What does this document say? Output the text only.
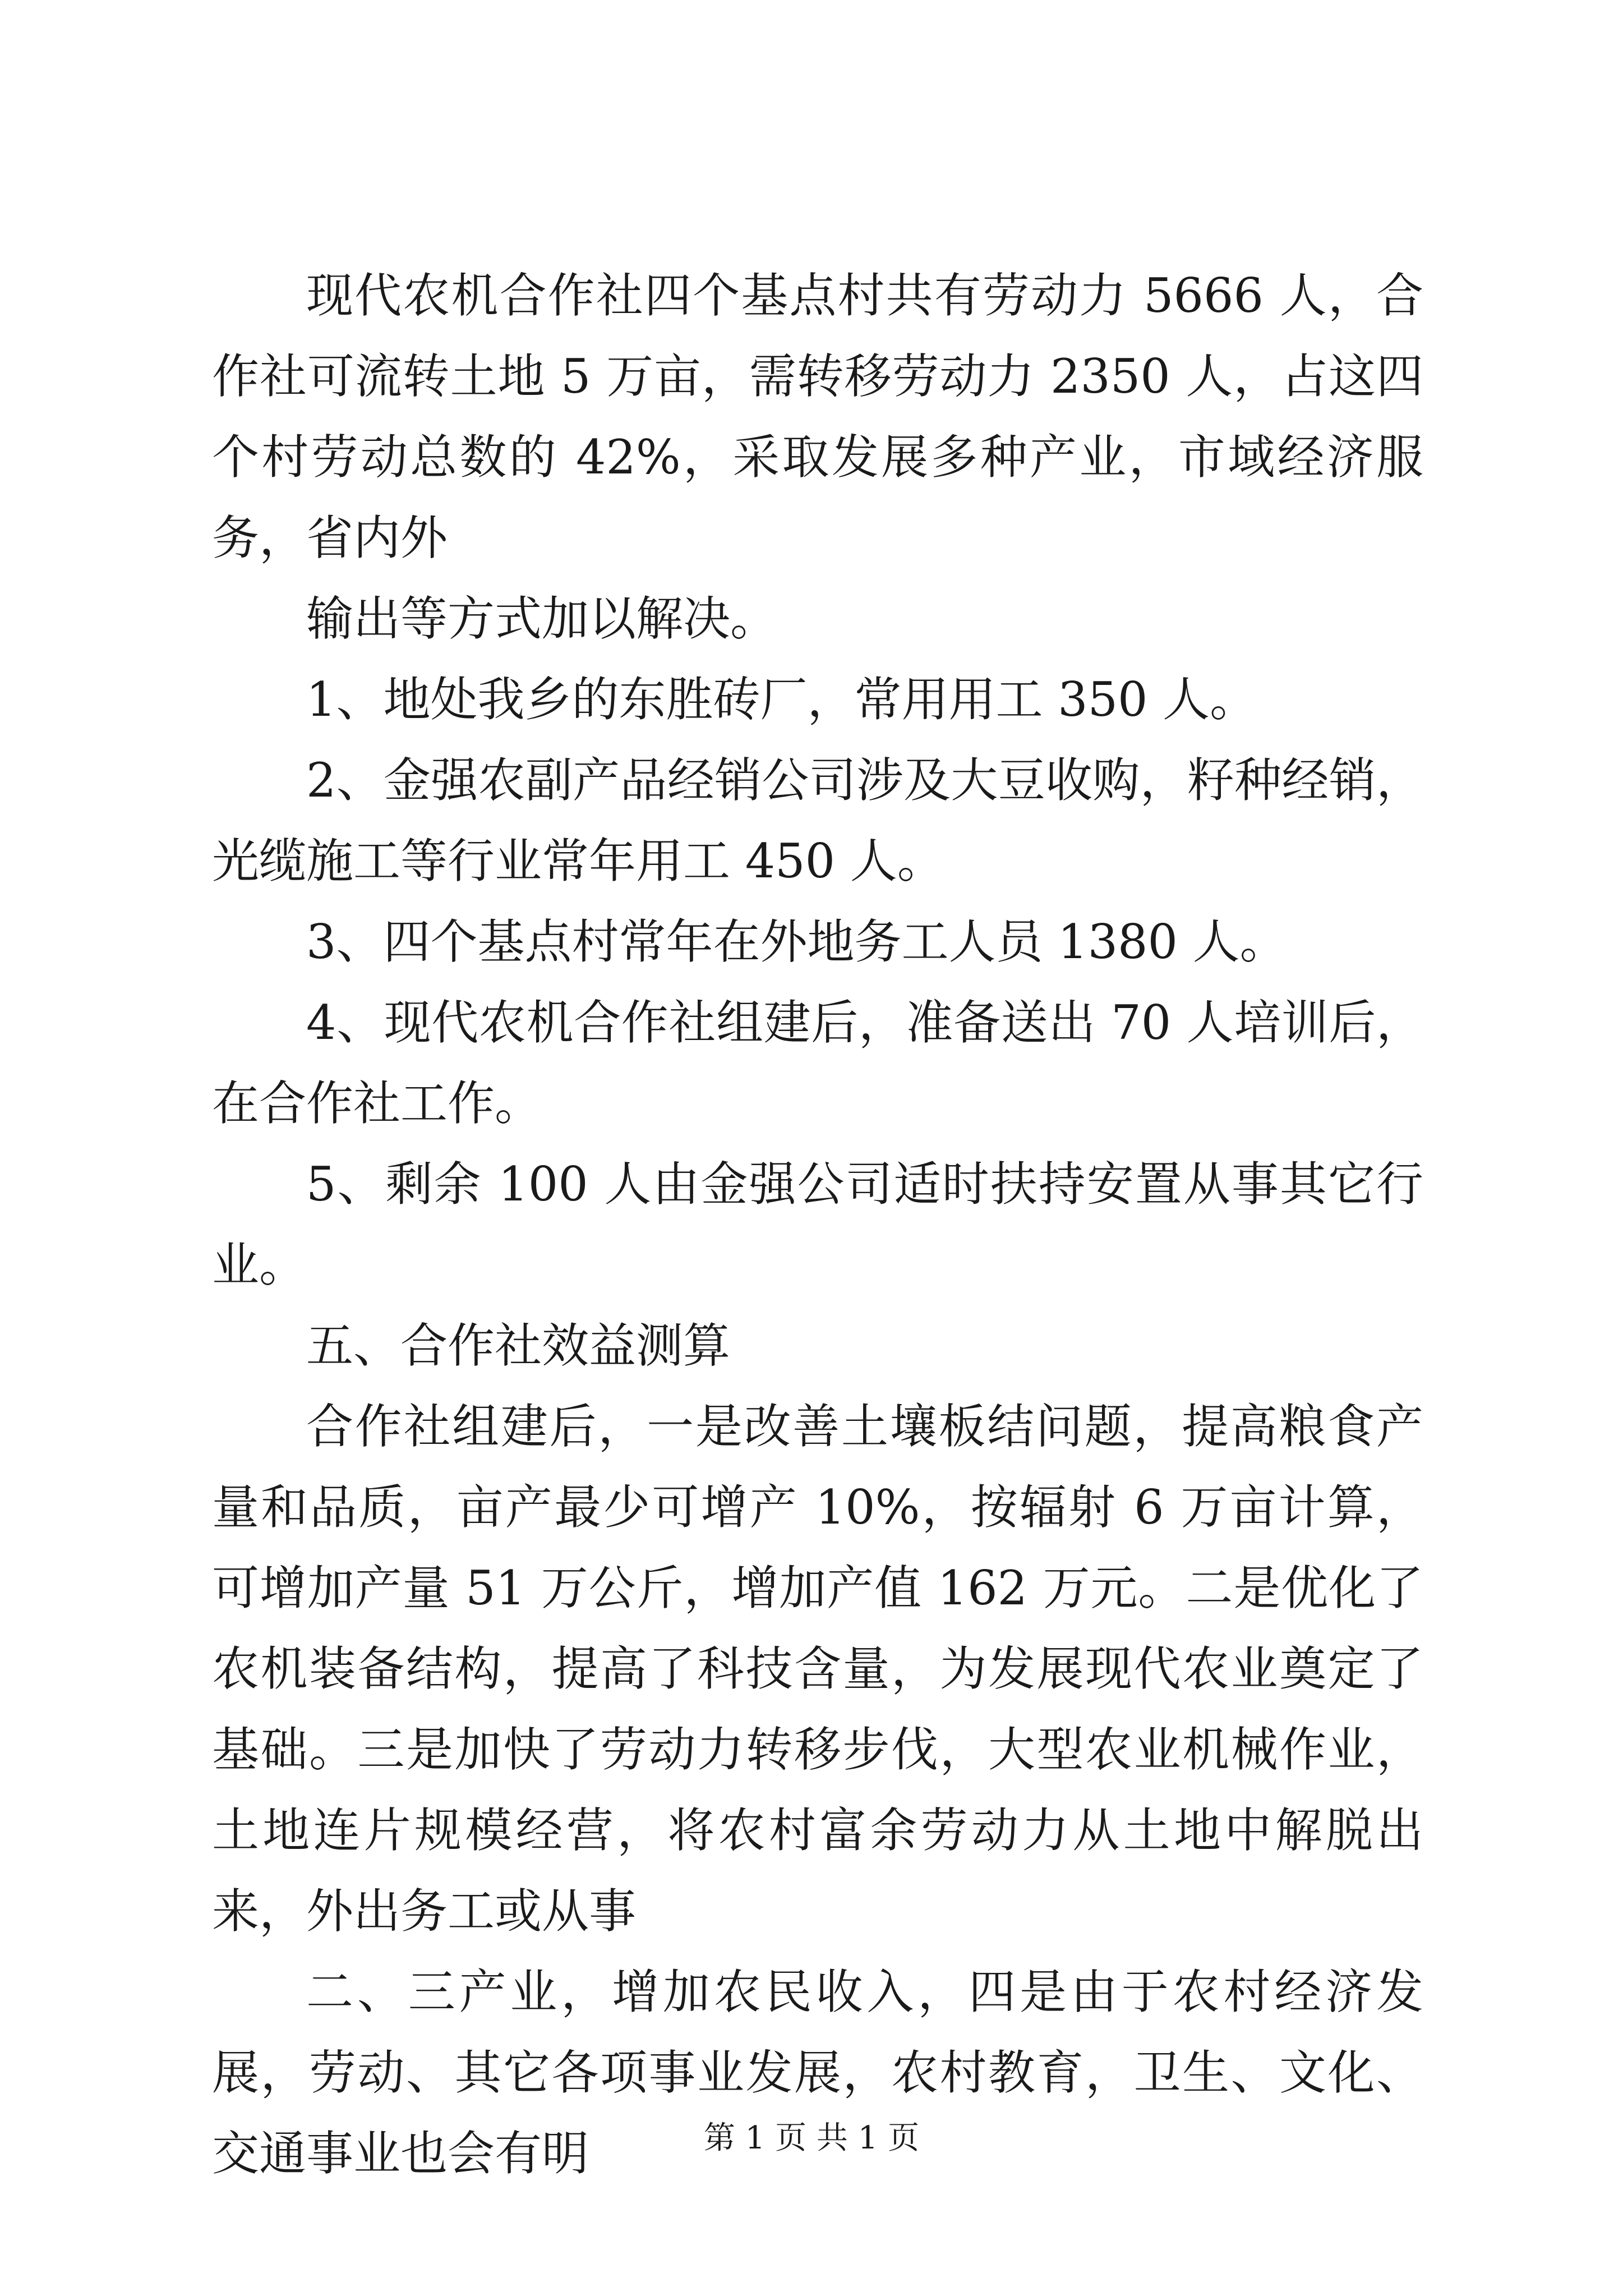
现代农机合作社四个基点村共有劳动力 5666 人，合作社可流转土地 5 万亩，需转移劳动力 2350 人，占这四个村劳动总数的 42%，采取发展多种产业，市域经济服务，省内外

输出等方式加以解决。

1、地处我乡的东胜砖厂，常用用工 350 人。

2、金强农副产品经销公司涉及大豆收购，籽种经销，光缆施工等行业常年用工 450 人。

3、四个基点村常年在外地务工人员 1380 人。

4、现代农机合作社组建后，准备送出 70 人培训后，在合作社工作。

5、剩余 100 人由金强公司适时扶持安置从事其它行业。

五、合作社效益测算

合作社组建后，一是改善土壤板结问题，提高粮食产量和品质，亩产最少可增产 10%，按辐射 6 万亩计算，可增加产量 51 万公斤，增加产值 162 万元。二是优化了农机装备结构，提高了科技含量，为发展现代农业奠定了基础。三是加快了劳动力转移步伐，大型农业机械作业，土地连片规模经营，将农村富余劳动力从土地中解脱出来，外出务工或从事

二、三产业，增加农民收入，四是由于农村经济发展，劳动、其它各项事业发展，农村教育，卫生、文化、交通事业也会有明	第 1 页 共 1 页
